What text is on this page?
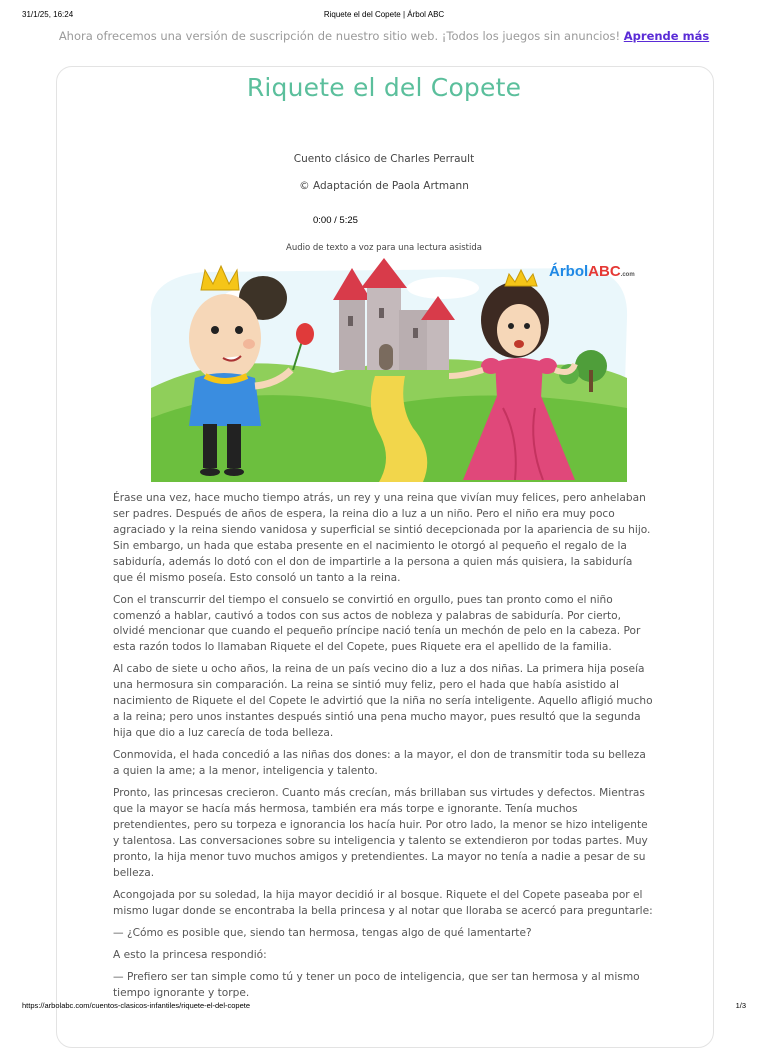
31/1/25, 16:24	Riquete el del Copete | Árbol ABC
Ahora ofrecemos una versión de suscripción de nuestro sitio web. ¡Todos los juegos sin anuncios! Aprende más
Riquete el del Copete
Cuento clásico de Charles Perrault
© Adaptación de Paola Artmann
0:00 / 5:25
Audio de texto a voz para una lectura asistida
ÁrbolABC.com

Érase una vez, hace mucho tiempo atrás, un rey y una reina que vivían muy felices, pero anhelaban ser padres. Después de años de espera, la reina dio a luz a un niño. Pero el niño era muy poco agraciado y la reina siendo vanidosa y superficial se sintió decepcionada por la apariencia de su hijo. Sin embargo, un hada que estaba presente en el nacimiento le otorgó al pequeño el regalo de la sabiduría, además lo dotó con el don de impartirle a la persona a quien más quisiera, la sabiduría que él mismo poseía. Esto consoló un tanto a la reina.

Con el transcurrir del tiempo el consuelo se convirtió en orgullo, pues tan pronto como el niño comenzó a hablar, cautivó a todos con sus actos de nobleza y palabras de sabiduría. Por cierto, olvidé mencionar que cuando el pequeño príncipe nació tenía un mechón de pelo en la cabeza. Por esta razón todos lo llamaban Riquete el del Copete, pues Riquete era el apellido de la familia.

Al cabo de siete u ocho años, la reina de un país vecino dio a luz a dos niñas. La primera hija poseía una hermosura sin comparación. La reina se sintió muy feliz, pero el hada que había asistido al nacimiento de Riquete el del Copete le advirtió que la niña no sería inteligente. Aquello afligió mucho a la reina; pero unos instantes después sintió una pena mucho mayor, pues resultó que la segunda hija que dio a luz carecía de toda belleza.

Conmovida, el hada concedió a las niñas dos dones: a la mayor, el don de transmitir toda su belleza a quien la ame; a la menor, inteligencia y talento.

Pronto, las princesas crecieron. Cuanto más crecían, más brillaban sus virtudes y defectos. Mientras que la mayor se hacía más hermosa, también era más torpe e ignorante. Tenía muchos pretendientes, pero su torpeza e ignorancia los hacía huir. Por otro lado, la menor se hizo inteligente y talentosa. Las conversaciones sobre su inteligencia y talento se extendieron por todas partes. Muy pronto, la hija menor tuvo muchos amigos y pretendientes. La mayor no tenía a nadie a pesar de su belleza.

Acongojada por su soledad, la hija mayor decidió ir al bosque. Riquete el del Copete paseaba por el mismo lugar donde se encontraba la bella princesa y al notar que lloraba se acercó para preguntarle:

— ¿Cómo es posible que, siendo tan hermosa, tengas algo de qué lamentarte?

A esto la princesa respondió:

— Prefiero ser tan simple como tú y tener un poco de inteligencia, que ser tan hermosa y al mismo tiempo ignorante y torpe.

https://arbolabc.com/cuentos-clasicos-infantiles/riquete-el-del-copete	1/3
